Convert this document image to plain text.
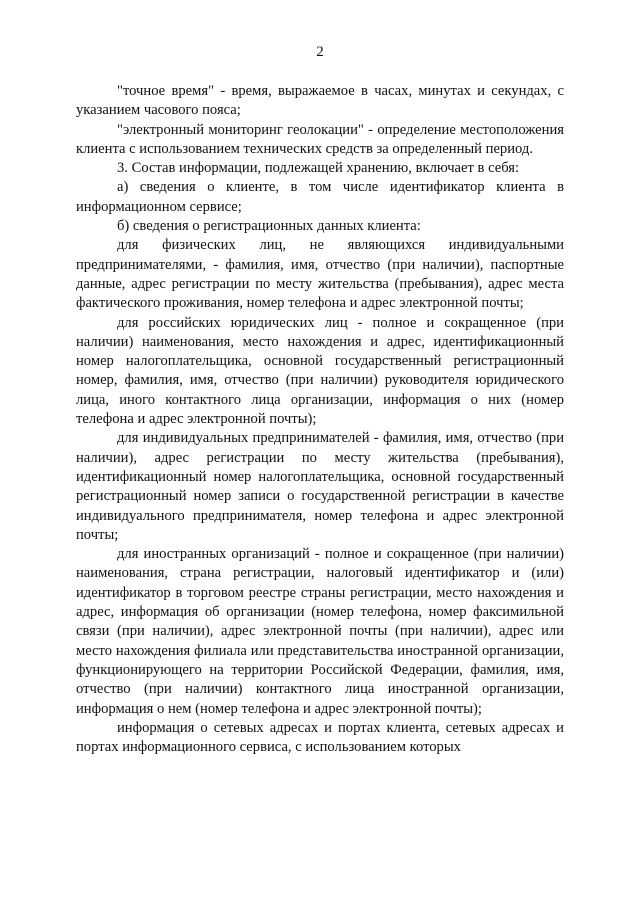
2

"точное время" - время, выражаемое в часах, минутах и секундах, с указанием часового пояса;

"электронный мониторинг геолокации" - определение местоположения клиента с использованием технических средств за определенный период.

3. Состав информации, подлежащей хранению, включает в себя:

а) сведения о клиенте, в том числе идентификатор клиента в информационном сервисе;

б) сведения о регистрационных данных клиента:

для физических лиц, не являющихся индивидуальными предпринимателями, - фамилия, имя, отчество (при наличии), паспортные данные, адрес регистрации по месту жительства (пребывания), адрес места фактического проживания, номер телефона и адрес электронной почты;

для российских юридических лиц - полное и сокращенное (при наличии) наименования, место нахождения и адрес, идентификационный номер налогоплательщика, основной государственный регистрационный номер, фамилия, имя, отчество (при наличии) руководителя юридического лица, иного контактного лица организации, информация о них (номер телефона и адрес электронной почты);

для индивидуальных предпринимателей - фамилия, имя, отчество (при наличии), адрес регистрации по месту жительства (пребывания), идентификационный номер налогоплательщика, основной государственный регистрационный номер записи о государственной регистрации в качестве индивидуального предпринимателя, номер телефона и адрес электронной почты;

для иностранных организаций - полное и сокращенное (при наличии) наименования, страна регистрации, налоговый идентификатор и (или) идентификатор в торговом реестре страны регистрации, место нахождения и адрес, информация об организации (номер телефона, номер факсимильной связи (при наличии), адрес электронной почты (при наличии), адрес или место нахождения филиала или представительства иностранной организации, функционирующего на территории Российской Федерации, фамилия, имя, отчество (при наличии) контактного лица иностранной организации, информация о нем (номер телефона и адрес электронной почты);

информация о сетевых адресах и портах клиента, сетевых адресах и портах информационного сервиса, с использованием которых
